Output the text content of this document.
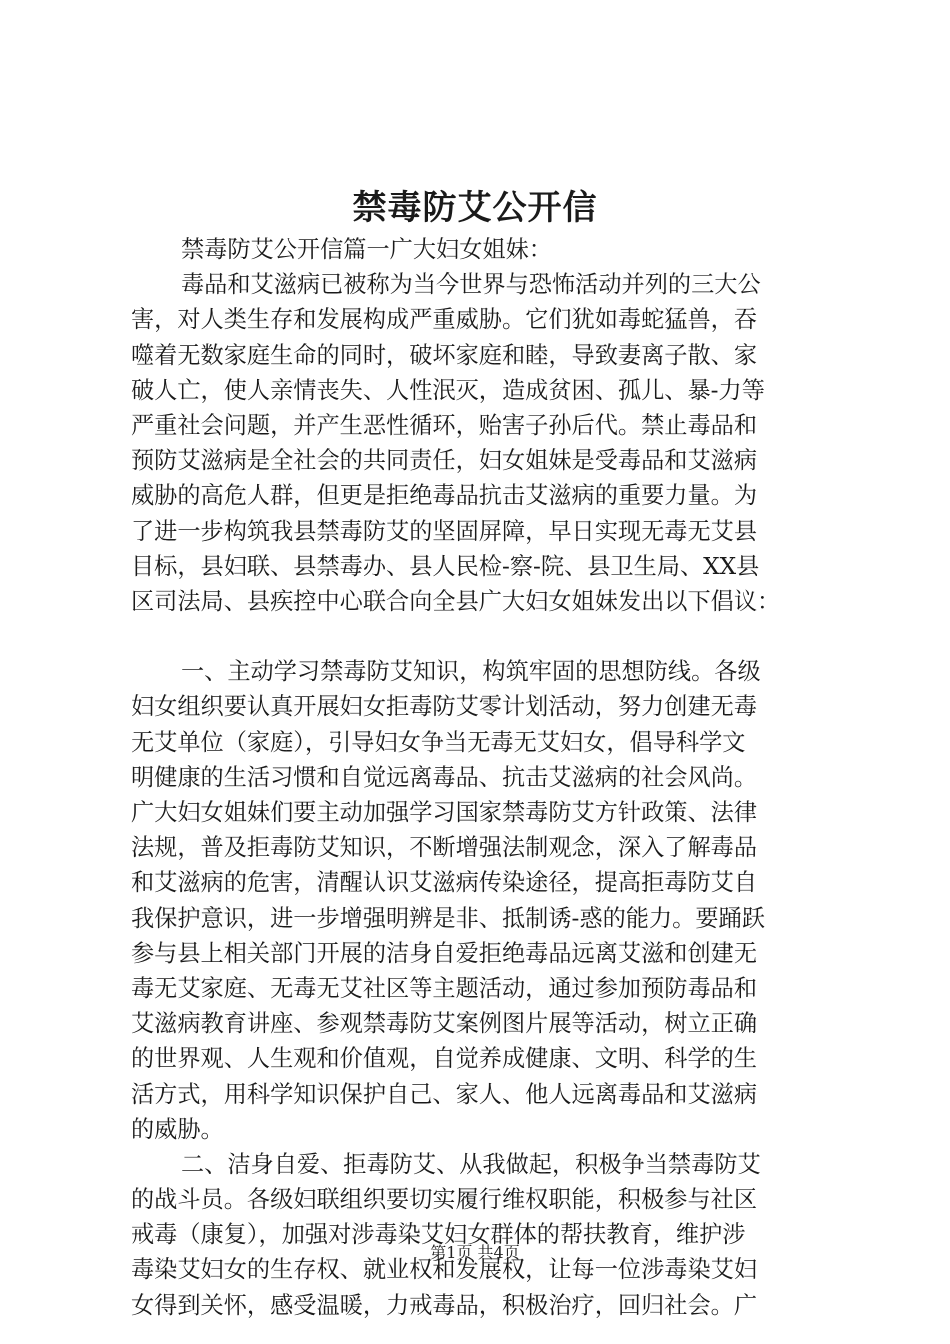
禁毒防艾公开信
禁毒防艾公开信篇一广大妇女姐妹：
毒品和艾滋病已被称为当今世界与恐怖活动并列的三大公
害，对人类生存和发展构成严重威胁。它们犹如毒蛇猛兽，吞
噬着无数家庭生命的同时，破坏家庭和睦，导致妻离子散、家
破人亡，使人亲情丧失、人性泯灭，造成贫困、孤儿、暴-力等
严重社会问题，并产生恶性循环，贻害子孙后代。禁止毒品和
预防艾滋病是全社会的共同责任，妇女姐妹是受毒品和艾滋病
威胁的高危人群，但更是拒绝毒品抗击艾滋病的重要力量。为
了进一步构筑我县禁毒防艾的坚固屏障，早日实现无毒无艾县
目标，县妇联、县禁毒办、县人民检-察-院、县卫生局、XX县
区司法局、县疾控中心联合向全县广大妇女姐妹发出以下倡议：
一、主动学习禁毒防艾知识，构筑牢固的思想防线。各级
妇女组织要认真开展妇女拒毒防艾零计划活动，努力创建无毒
无艾单位（家庭），引导妇女争当无毒无艾妇女，倡导科学文
明健康的生活习惯和自觉远离毒品、抗击艾滋病的社会风尚。
广大妇女姐妹们要主动加强学习国家禁毒防艾方针政策、法律
法规，普及拒毒防艾知识，不断增强法制观念，深入了解毒品
和艾滋病的危害，清醒认识艾滋病传染途径，提高拒毒防艾自
我保护意识，进一步增强明辨是非、抵制诱-惑的能力。要踊跃
参与县上相关部门开展的洁身自爱拒绝毒品远离艾滋和创建无
毒无艾家庭、无毒无艾社区等主题活动，通过参加预防毒品和
艾滋病教育讲座、参观禁毒防艾案例图片展等活动，树立正确
的世界观、人生观和价值观，自觉养成健康、文明、科学的生
活方式，用科学知识保护自己、家人、他人远离毒品和艾滋病
的威胁。
二、洁身自爱、拒毒防艾、从我做起，积极争当禁毒防艾
的战斗员。各级妇联组织要切实履行维权职能，积极参与社区
戒毒（康复），加强对涉毒染艾妇女群体的帮扶教育，维护涉
毒染艾妇女的生存权、就业权和发展权，让每一位涉毒染艾妇
女得到关怀，感受温暖，力戒毒品，积极治疗，回归社会。广
第1页 共4页
